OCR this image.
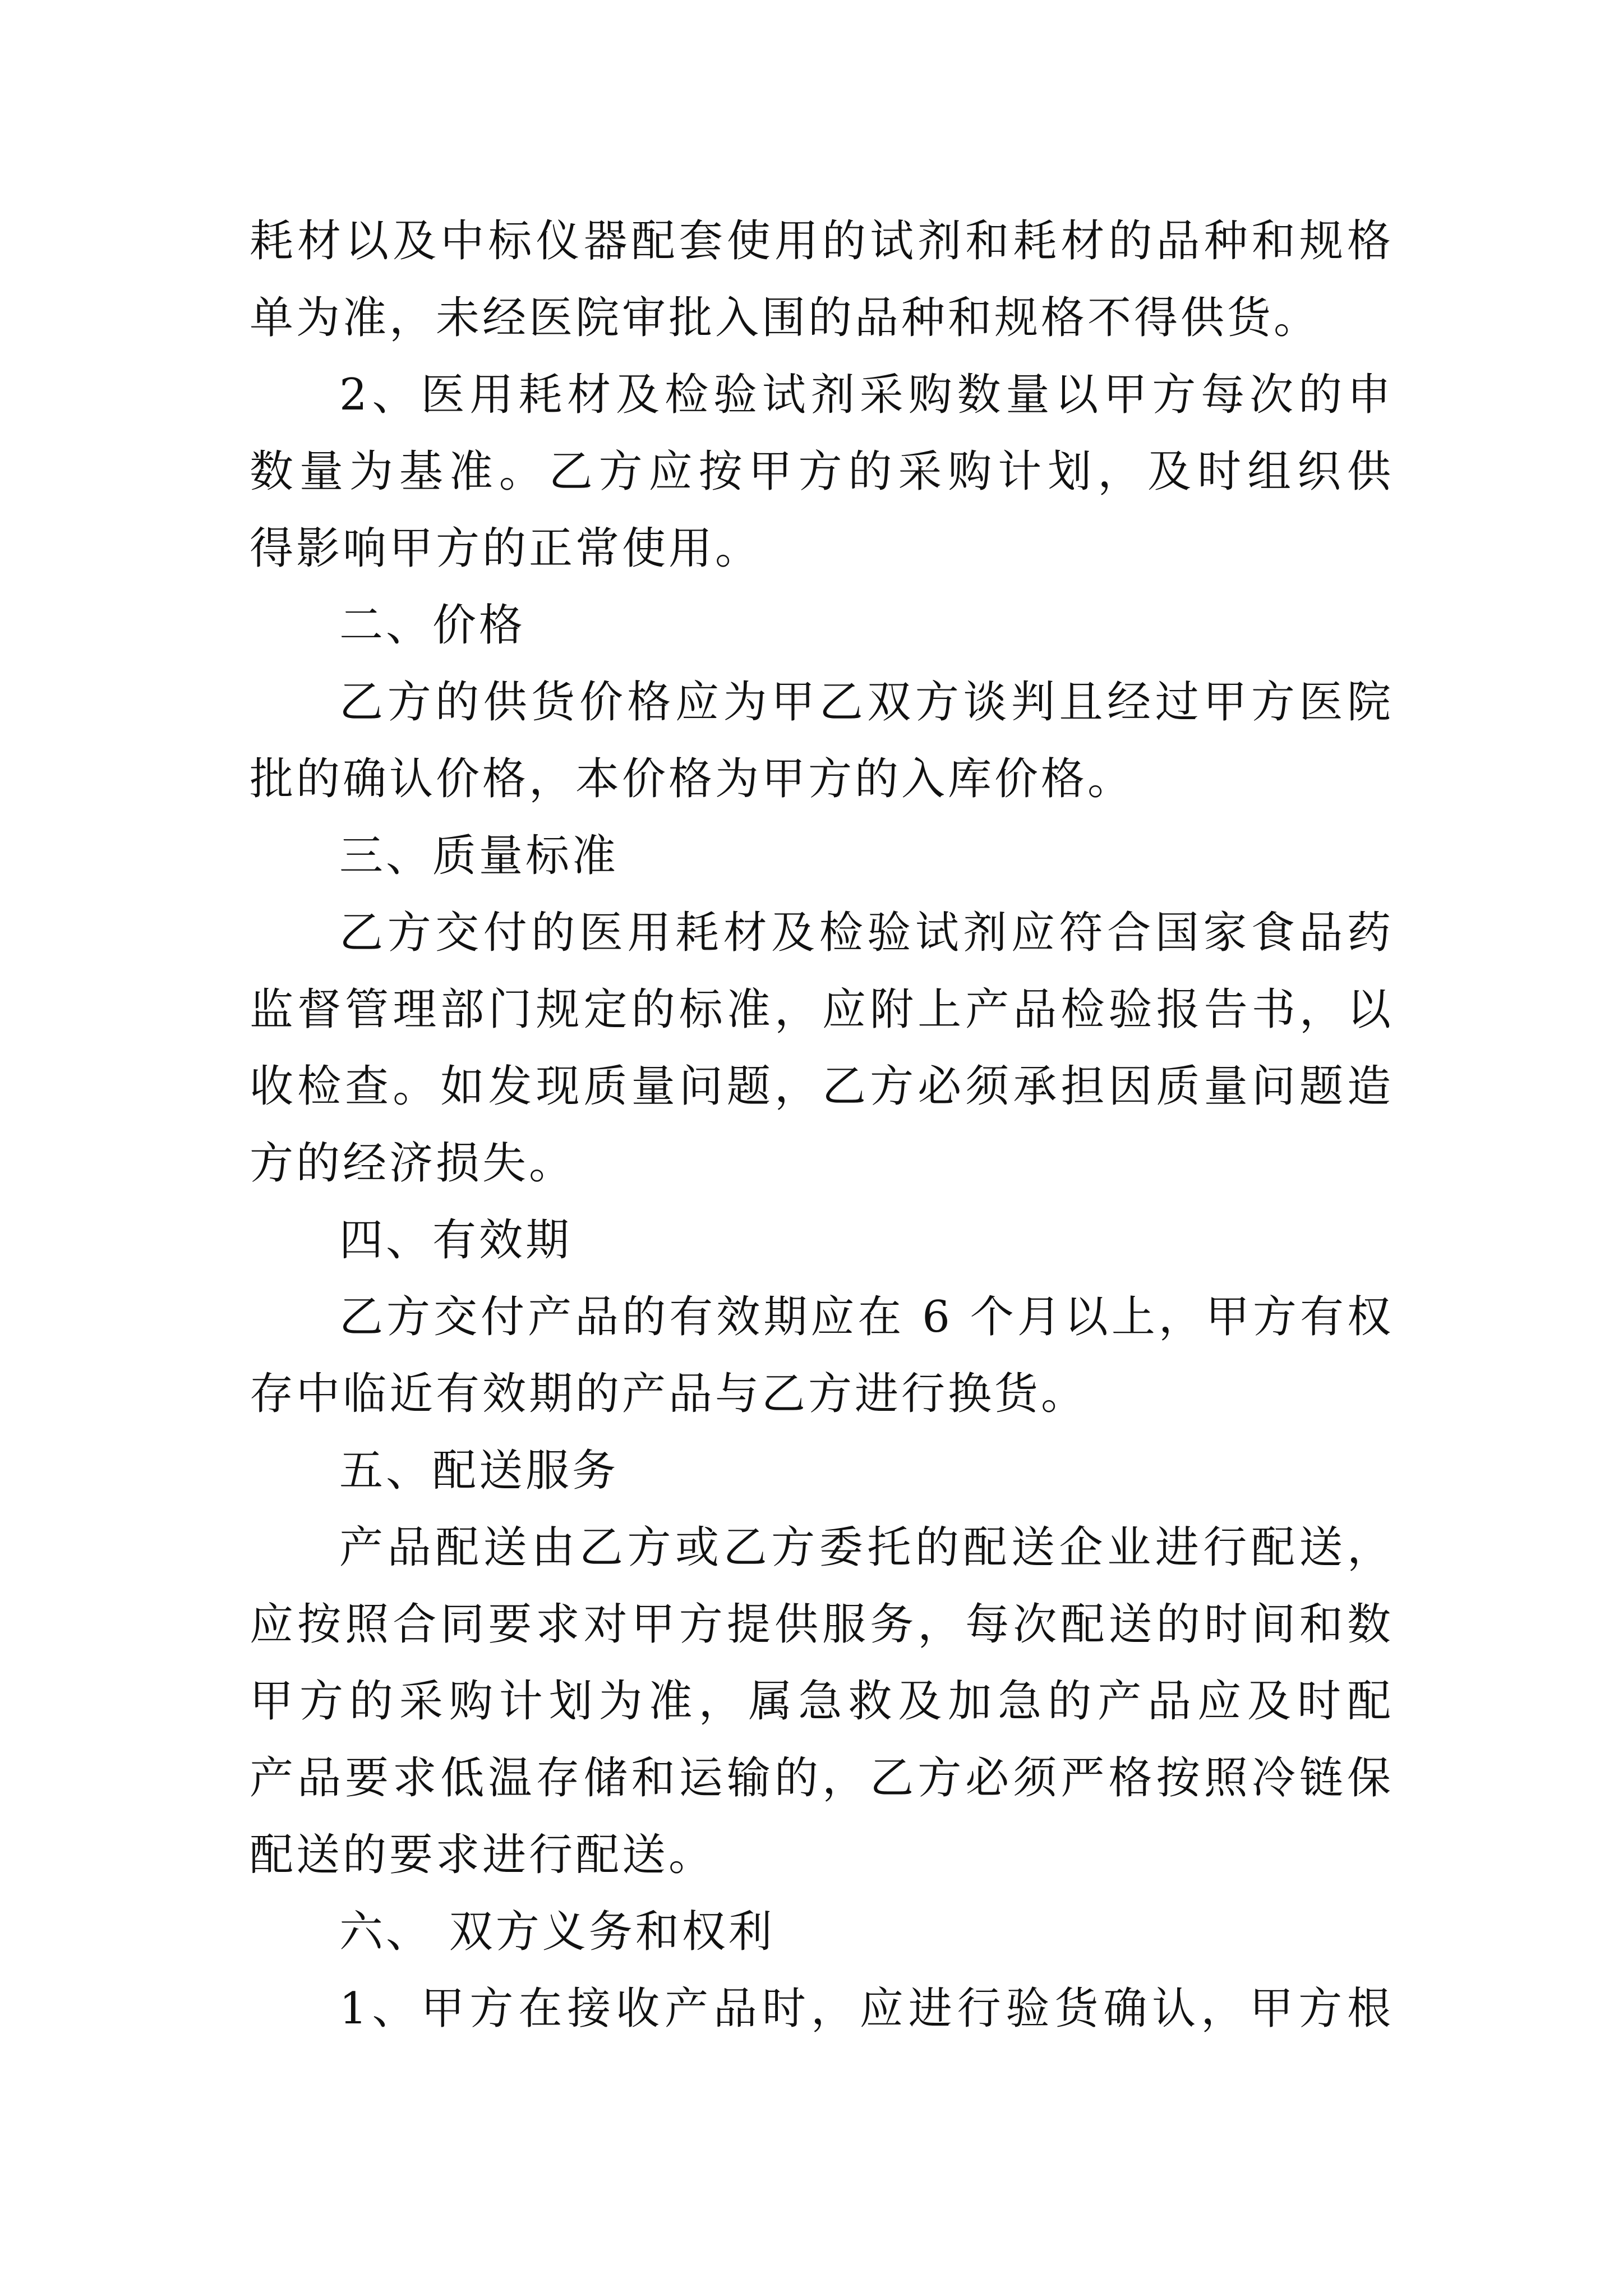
耗材以及中标仪器配套使用的试剂和耗材的品种和规格
单为准，未经医院审批入围的品种和规格不得供货。
2、医用耗材及检验试剂采购数量以甲方每次的申
数量为基准。乙方应按甲方的采购计划，及时组织供
得影响甲方的正常使用。
二、价格
乙方的供货价格应为甲乙双方谈判且经过甲方医院
批的确认价格，本价格为甲方的入库价格。
三、质量标准
乙方交付的医用耗材及检验试剂应符合国家食品药
监督管理部门规定的标准，应附上产品检验报告书，以
收检查。如发现质量问题，乙方必须承担因质量问题造
方的经济损失。
四、有效期
乙方交付产品的有效期应在 6 个月以上，甲方有权
存中临近有效期的产品与乙方进行换货。
五、配送服务
产品配送由乙方或乙方委托的配送企业进行配送，
应按照合同要求对甲方提供服务，每次配送的时间和数
甲方的采购计划为准，属急救及加急的产品应及时配
产品要求低温存储和运输的，乙方必须严格按照冷链保
配送的要求进行配送。
六、 双方义务和权利
1、甲方在接收产品时，应进行验货确认，甲方根
